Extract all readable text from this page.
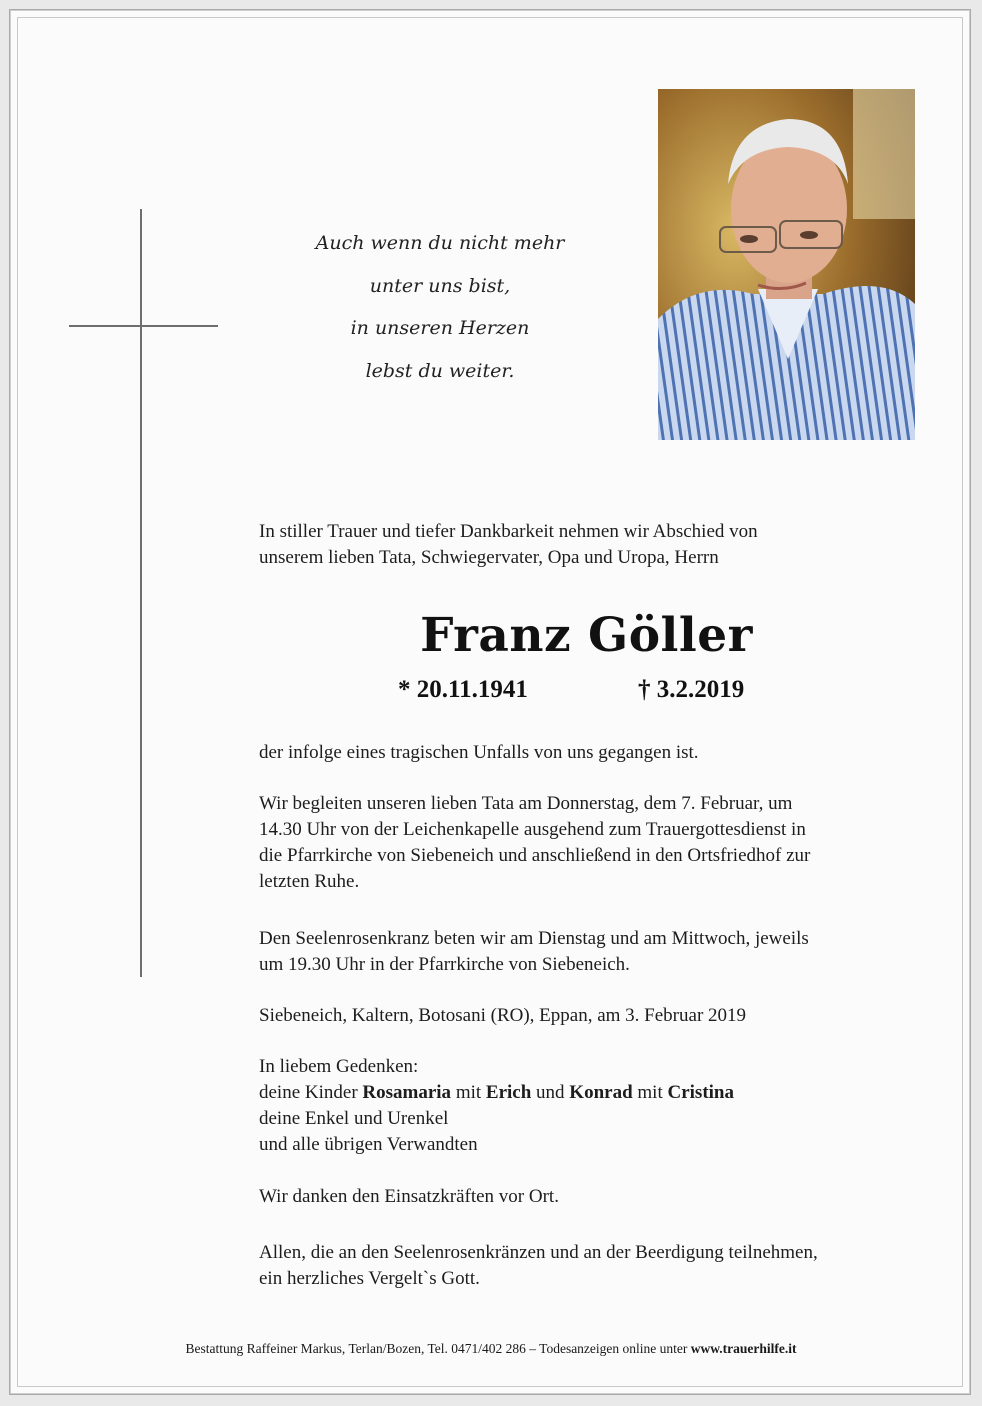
Auch wenn du nicht mehr
unter uns bist,
in unseren Herzen
lebst du weiter.
In stiller Trauer und tiefer Dankbarkeit nehmen wir Abschied von
unserem lieben Tata, Schwiegervater, Opa und Uropa, Herrn
Franz Göller
* 20.11.1941	† 3.2.2019
der infolge eines tragischen Unfalls von uns gegangen ist.
Wir begleiten unseren lieben Tata am Donnerstag, dem 7. Februar, um
14.30 Uhr von der Leichenkapelle ausgehend zum Trauergottesdienst in
die Pfarrkirche von Siebeneich und anschließend in den Ortsfriedhof zur
letzten Ruhe.
Den Seelenrosenkranz beten wir am Dienstag und am Mittwoch, jeweils
um 19.30 Uhr in der Pfarrkirche von Siebeneich.
Siebeneich, Kaltern, Botosani (RO), Eppan, am 3. Februar 2019
In liebem Gedenken:
deine Kinder Rosamaria mit Erich und Konrad mit Cristina
deine Enkel und Urenkel
und alle übrigen Verwandten
Wir danken den Einsatzkräften vor Ort.
Allen, die an den Seelenrosenkränzen und an der Beerdigung teilnehmen,
ein herzliches Vergelt`s Gott.
Bestattung Raffeiner Markus, Terlan/Bozen, Tel. 0471/402 286 – Todesanzeigen online unter www.trauerhilfe.it
